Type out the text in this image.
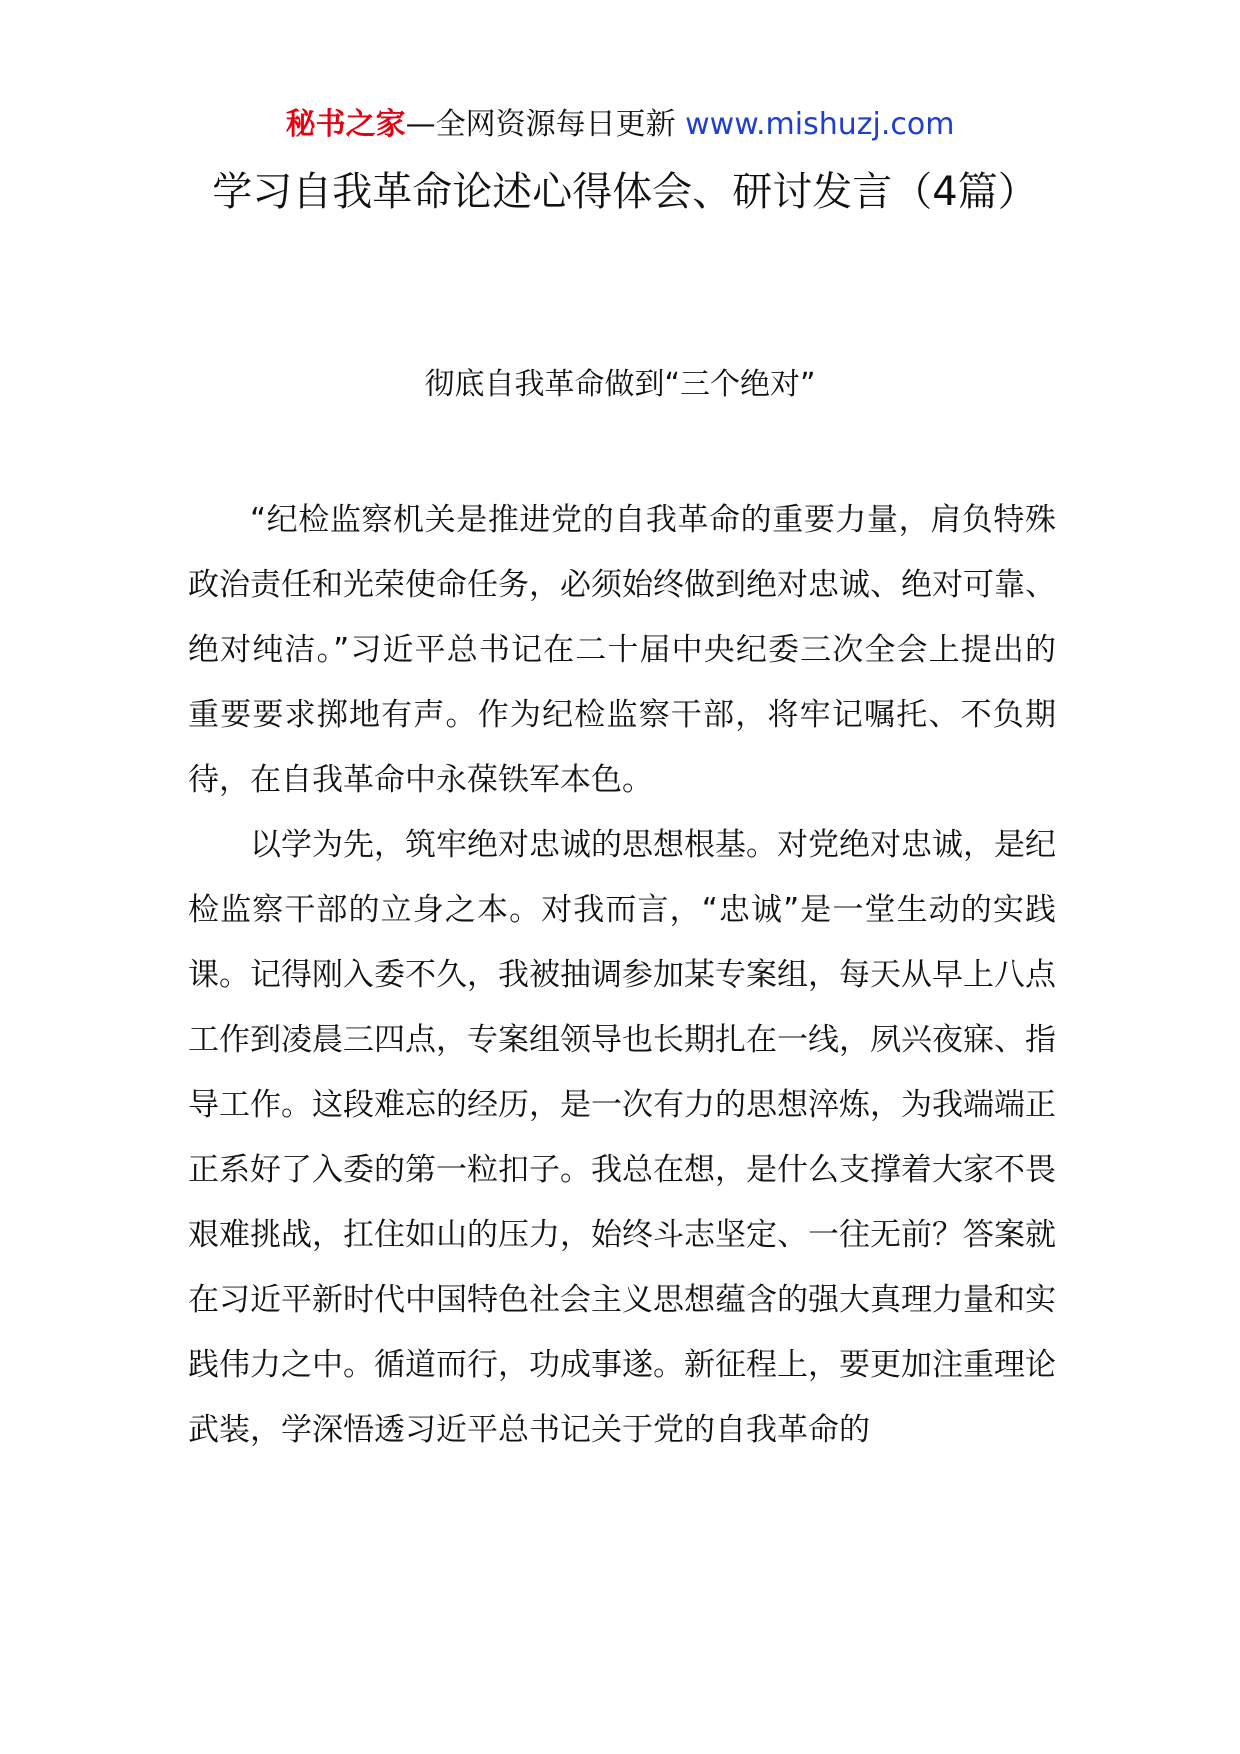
秘书之家—全网资源每日更新 www.mishuzj.com
学习自我革命论述心得体会、研讨发言（4篇）
彻底自我革命做到“三个绝对”

“纪检监察机关是推进党的自我革命的重要力量，肩负特殊政治责任和光荣使命任务，必须始终做到绝对忠诚、绝对可靠、绝对纯洁。”习近平总书记在二十届中央纪委三次全会上提出的重要要求掷地有声。作为纪检监察干部，将牢记嘱托、不负期待，在自我革命中永葆铁军本色。

以学为先，筑牢绝对忠诚的思想根基。对党绝对忠诚，是纪检监察干部的立身之本。对我而言，“忠诚”是一堂生动的实践课。记得刚入委不久，我被抽调参加某专案组，每天从早上八点工作到凌晨三四点，专案组领导也长期扎在一线，夙兴夜寐、指导工作。这段难忘的经历，是一次有力的思想淬炼，为我端端正正系好了入委的第一粒扣子。我总在想，是什么支撑着大家不畏艰难挑战，扛住如山的压力，始终斗志坚定、一往无前？答案就在习近平新时代中国特色社会主义思想蕴含的强大真理力量和实践伟力之中。循道而行，功成事遂。新征程上，要更加注重理论武装，学深悟透习近平总书记关于党的自我革命的
